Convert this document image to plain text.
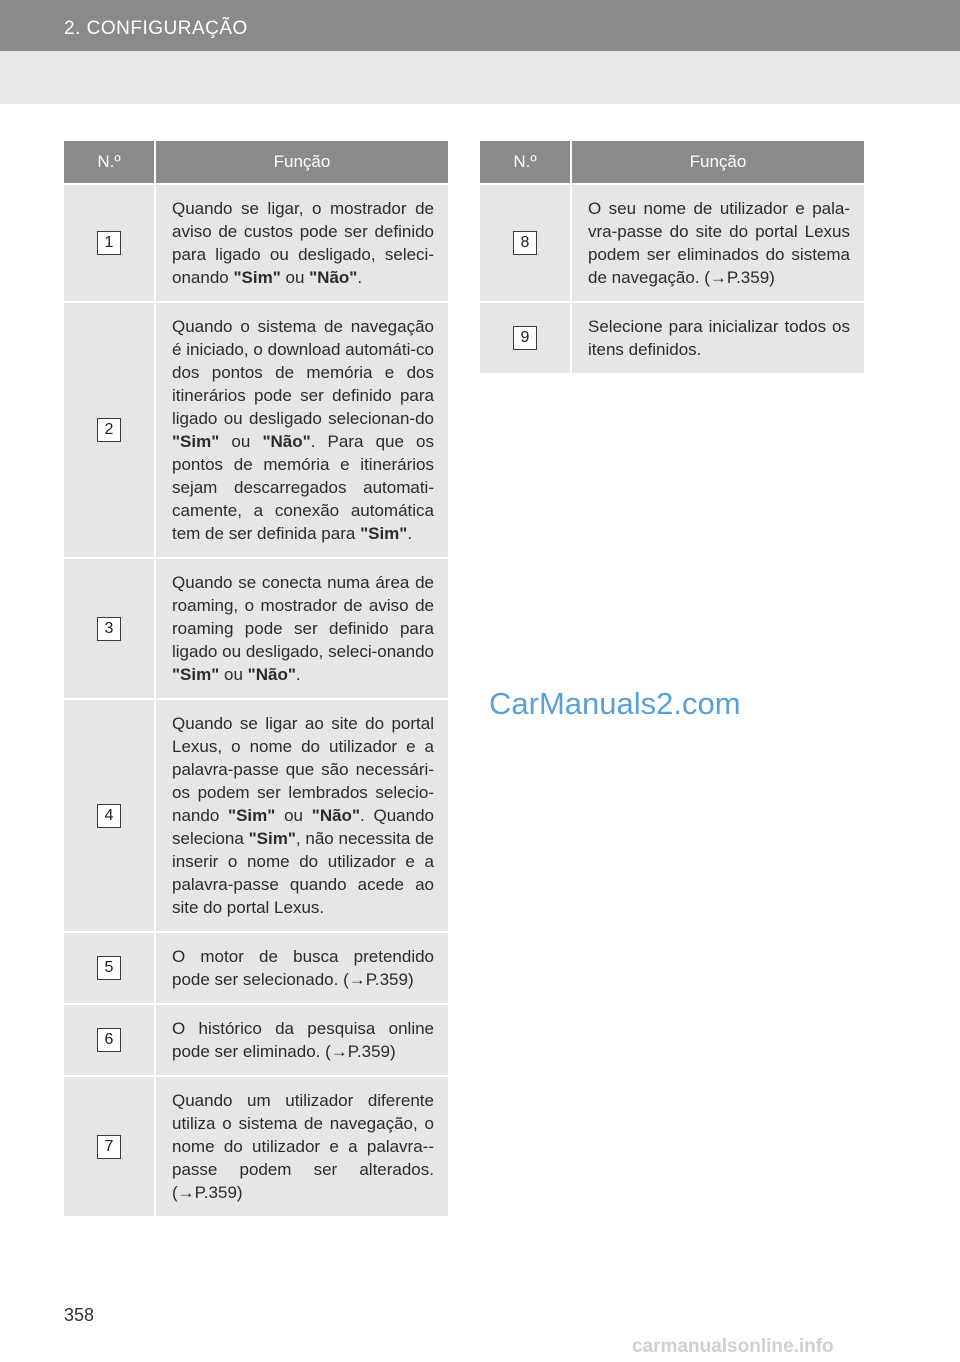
2. CONFIGURAÇÃO
N.º	Função
1	Quando se ligar, o mostrador de aviso de custos pode ser definido para ligado ou desligado, seleci-onando "Sim" ou "Não".
2	Quando o sistema de navegação é iniciado, o download automáti-co dos pontos de memória e dos itinerários pode ser definido para ligado ou desligado selecionan-do "Sim" ou "Não". Para que os pontos de memória e itinerários sejam descarregados automati-camente, a conexão automática tem de ser definida para "Sim".
3	Quando se conecta numa área de roaming, o mostrador de aviso de roaming pode ser definido para ligado ou desligado, seleci-onando "Sim" ou "Não".
4	Quando se ligar ao site do portal Lexus, o nome do utilizador e a palavra-passe que são necessári-os podem ser lembrados selecio-nando "Sim" ou "Não". Quando seleciona "Sim", não necessita de inserir o nome do utilizador e a palavra-passe quando acede ao site do portal Lexus.
5	O motor de busca pretendido pode ser selecionado. (→P.359)
6	O histórico da pesquisa online pode ser eliminado. (→P.359)
7	Quando um utilizador diferente utiliza o sistema de navegação, o nome do utilizador e a palavra--passe podem ser alterados. (→P.359)
N.º	Função
8	O seu nome de utilizador e pala-vra-passe do site do portal Lexus podem ser eliminados do sistema de navegação. (→P.359)
9	Selecione para inicializar todos os itens definidos.
CarManuals2.com
358
carmanualsonline.info
